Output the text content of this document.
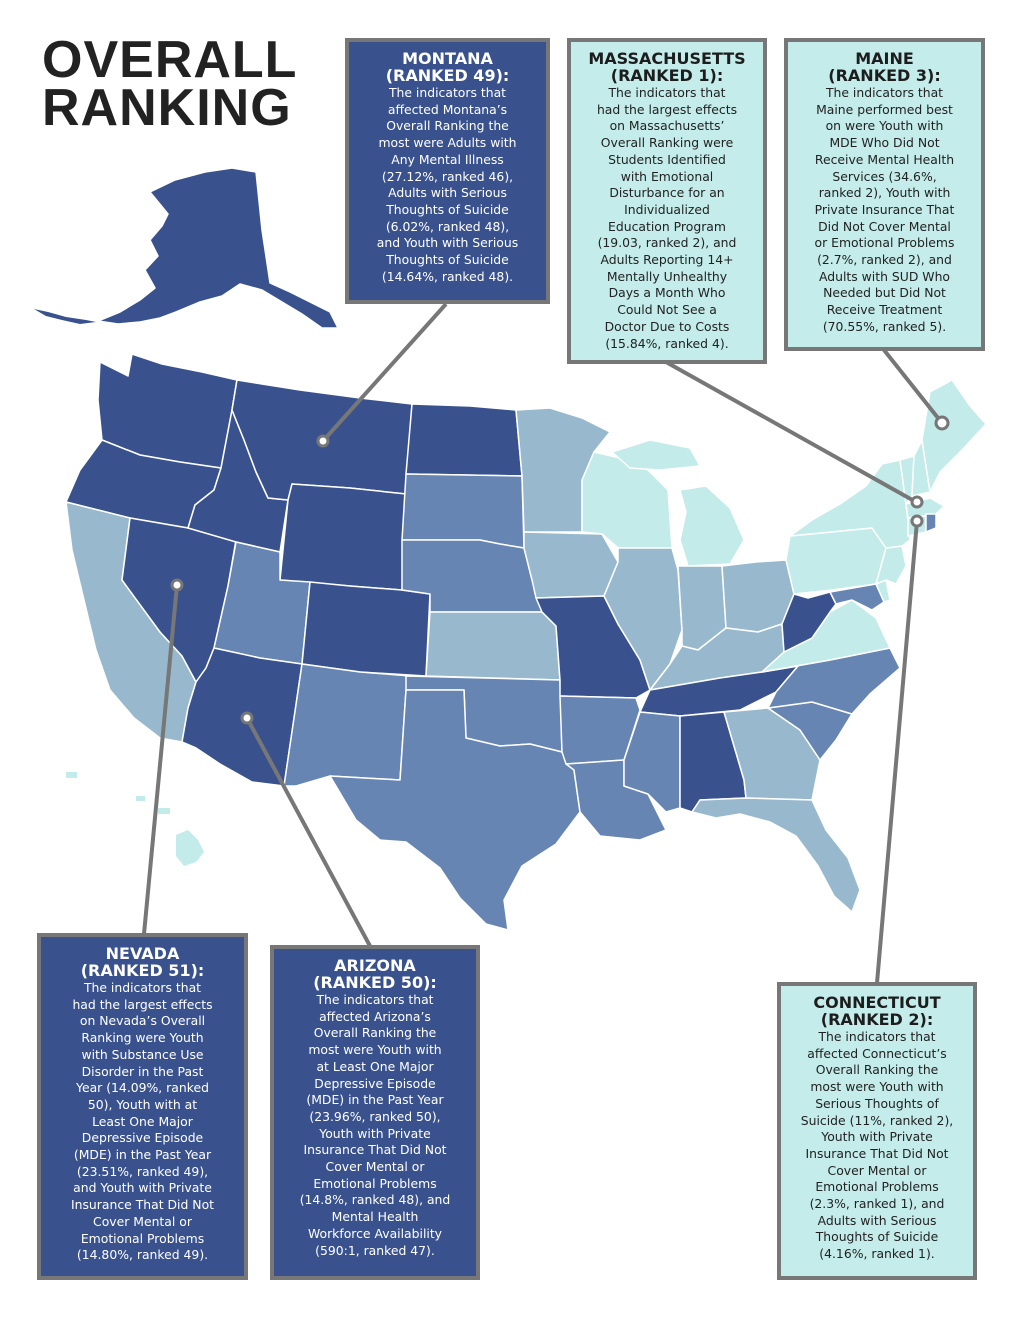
OVERALL
RANKING
MONTANA
(RANKED 49):
The indicators that
affected Montana’s
Overall Ranking the
most were Adults with
Any Mental Illness
(27.12%, ranked 46),
Adults with Serious
Thoughts of Suicide
(6.02%, ranked 48),
and Youth with Serious
Thoughts of Suicide
(14.64%, ranked 48).
MASSACHUSETTS
(RANKED 1):
The indicators that
had the largest effects
on Massachusetts’
Overall Ranking were
Students Identified
with Emotional
Disturbance for an
Individualized
Education Program
(19.03, ranked 2), and
Adults Reporting 14+
Mentally Unhealthy
Days a Month Who
Could Not See a
Doctor Due to Costs
(15.84%, ranked 4).
MAINE
(RANKED 3):
The indicators that
Maine performed best
on were Youth with
MDE Who Did Not
Receive Mental Health
Services (34.6%,
ranked 2), Youth with
Private Insurance That
Did Not Cover Mental
or Emotional Problems
(2.7%, ranked 2), and
Adults with SUD Who
Needed but Did Not
Receive Treatment
(70.55%, ranked 5).
NEVADA
(RANKED 51):
The indicators that
had the largest effects
on Nevada’s Overall
Ranking were Youth
with Substance Use
Disorder in the Past
Year (14.09%, ranked
50), Youth with at
Least One Major
Depressive Episode
(MDE) in the Past Year
(23.51%, ranked 49),
and Youth with Private
Insurance That Did Not
Cover Mental or
Emotional Problems
(14.80%, ranked 49).
ARIZONA
(RANKED 50):
The indicators that
affected Arizona’s
Overall Ranking the
most were Youth with
at Least One Major
Depressive Episode
(MDE) in the Past Year
(23.96%, ranked 50),
Youth with Private
Insurance That Did Not
Cover Mental or
Emotional Problems
(14.8%, ranked 48), and
Mental Health
Workforce Availability
(590:1, ranked 47).
CONNECTICUT
(RANKED 2):
The indicators that
affected Connecticut’s
Overall Ranking the
most were Youth with
Serious Thoughts of
Suicide (11%, ranked 2),
Youth with Private
Insurance That Did Not
Cover Mental or
Emotional Problems
(2.3%, ranked 1), and
Adults with Serious
Thoughts of Suicide
(4.16%, ranked 1).
